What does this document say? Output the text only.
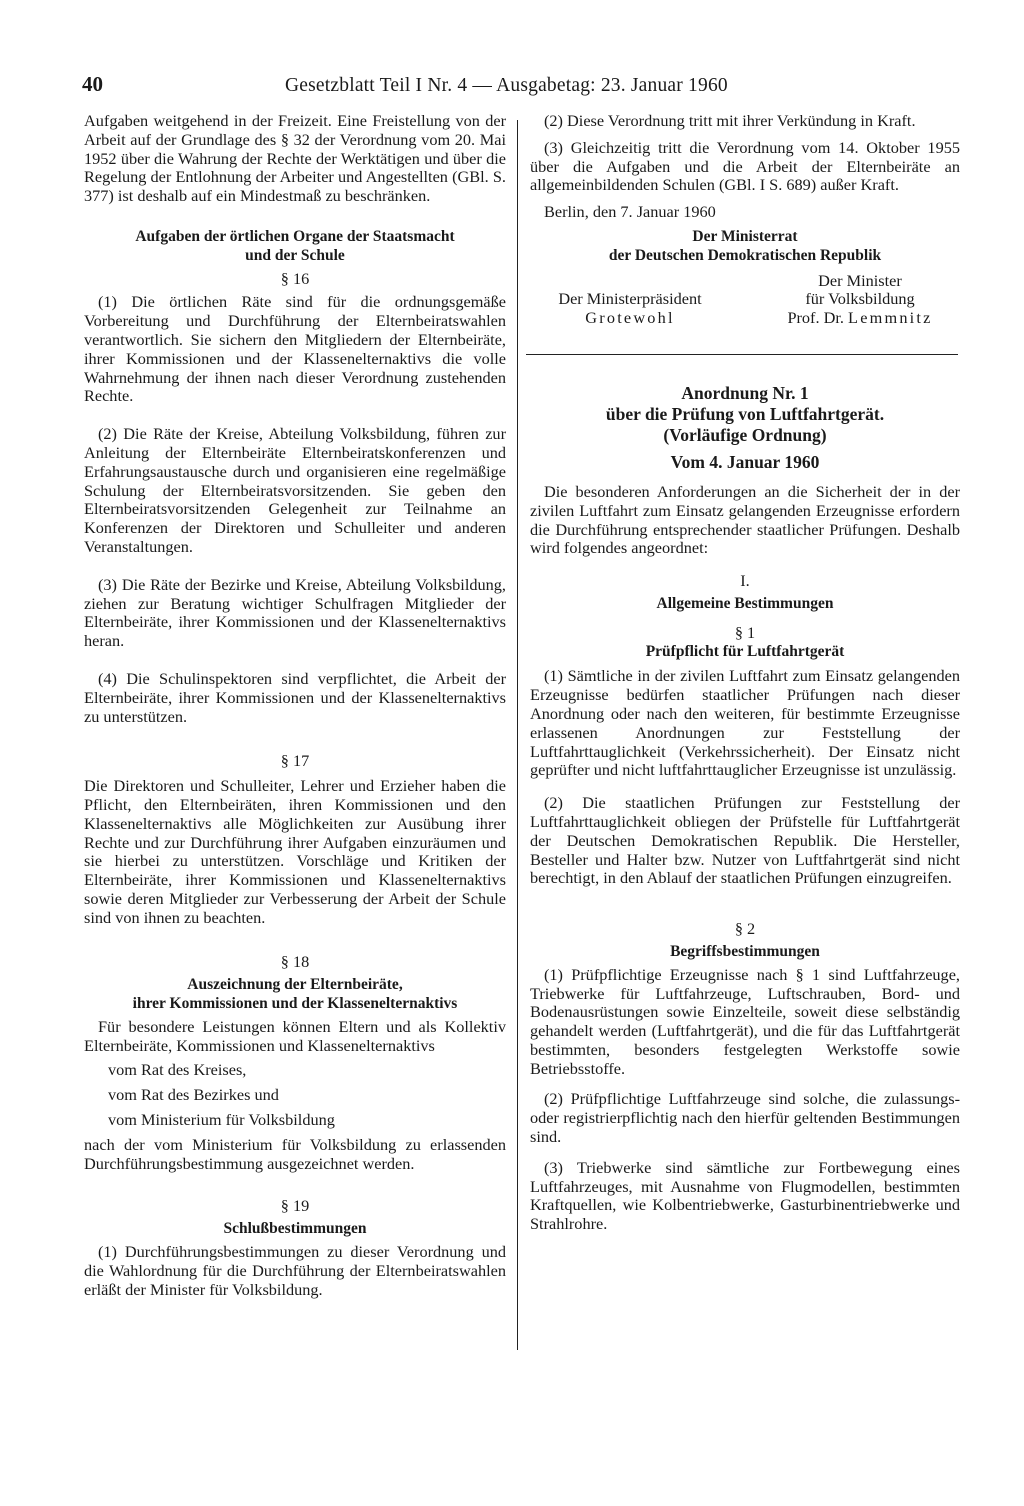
40	Gesetzblatt Teil I Nr. 4 — Ausgabetag: 23. Januar 1960

Aufgaben weitgehend in der Freizeit. Eine Freistellung von der Arbeit auf der Grundlage des § 32 der Verordnung vom 20. Mai 1952 über die Wahrung der Rechte der Werktätigen und über die Regelung der Entlohnung der Arbeiter und Angestellten (GBl. S. 377) ist deshalb auf ein Mindestmaß zu beschränken.

Aufgaben der örtlichen Organe der Staatsmacht
und der Schule
§ 16

(1) Die örtlichen Räte sind für die ordnungsgemäße Vorbereitung und Durchführung der Elternbeiratswahlen verantwortlich. Sie sichern den Mitgliedern der Elternbeiräte, ihrer Kommissionen und der Klassenelternaktivs die volle Wahrnehmung der ihnen nach dieser Verordnung zustehenden Rechte.

(2) Die Räte der Kreise, Abteilung Volksbildung, führen zur Anleitung der Elternbeiräte Elternbeiratskonferenzen und Erfahrungsaustausche durch und organisieren eine regelmäßige Schulung der Elternbeiratsvorsitzenden. Sie geben den Elternbeiratsvorsitzenden Gelegenheit zur Teilnahme an Konferenzen der Direktoren und Schulleiter und anderen Veranstaltungen.

(3) Die Räte der Bezirke und Kreise, Abteilung Volksbildung, ziehen zur Beratung wichtiger Schulfragen Mitglieder der Elternbeiräte, ihrer Kommissionen und der Klassenelternaktivs heran.

(4) Die Schulinspektoren sind verpflichtet, die Arbeit der Elternbeiräte, ihrer Kommissionen und der Klassenelternaktivs zu unterstützen.

§ 17

Die Direktoren und Schulleiter, Lehrer und Erzieher haben die Pflicht, den Elternbeiräten, ihren Kommissionen und den Klassenelternaktivs alle Möglichkeiten zur Ausübung ihrer Rechte und zur Durchführung ihrer Aufgaben einzuräumen und sie hierbei zu unterstützen. Vorschläge und Kritiken der Elternbeiräte, ihrer Kommissionen und Klassenelternaktivs sowie deren Mitglieder zur Verbesserung der Arbeit der Schule sind von ihnen zu beachten.

§ 18
Auszeichnung der Elternbeiräte,
ihrer Kommissionen und der Klassenelternaktivs

Für besondere Leistungen können Eltern und als Kollektiv Elternbeiräte, Kommissionen und Klassenelternaktivs

vom Rat des Kreises,
vom Rat des Bezirkes und
vom Ministerium für Volksbildung

nach der vom Ministerium für Volksbildung zu erlassenden Durchführungsbestimmung ausgezeichnet werden.

§ 19
Schlußbestimmungen

(1) Durchführungsbestimmungen zu dieser Verordnung und die Wahlordnung für die Durchführung der Elternbeiratswahlen erläßt der Minister für Volksbildung.

(2) Diese Verordnung tritt mit ihrer Verkündung in Kraft.

(3) Gleichzeitig tritt die Verordnung vom 14. Oktober 1955 über die Aufgaben und die Arbeit der Elternbeiräte an allgemeinbildenden Schulen (GBl. I S. 689) außer Kraft.

Berlin, den 7. Januar 1960

Der Ministerrat
der Deutschen Demokratischen Republik

Der Ministerpräsident
Grotewohl
Der Minister
für Volksbildung
Prof. Dr. Lemmnitz
Anordnung Nr. 1
über die Prüfung von Luftfahrtgerät.
(Vorläufige Ordnung)
Vom 4. Januar 1960

Die besonderen Anforderungen an die Sicherheit der in der zivilen Luftfahrt zum Einsatz gelangenden Erzeugnisse erfordern die Durchführung entsprechender staatlicher Prüfungen. Deshalb wird folgendes angeordnet:

I.
Allgemeine Bestimmungen
§ 1
Prüfpflicht für Luftfahrtgerät

(1) Sämtliche in der zivilen Luftfahrt zum Einsatz gelangenden Erzeugnisse bedürfen staatlicher Prüfungen nach dieser Anordnung oder nach den weiteren, für bestimmte Erzeugnisse erlassenen Anordnungen zur Feststellung der Luftfahrttauglichkeit (Verkehrssicherheit). Der Einsatz nicht geprüfter und nicht luftfahrttauglicher Erzeugnisse ist unzulässig.

(2) Die staatlichen Prüfungen zur Feststellung der Luftfahrttauglichkeit obliegen der Prüfstelle für Luftfahrtgerät der Deutschen Demokratischen Republik. Die Hersteller, Besteller und Halter bzw. Nutzer von Luftfahrtgerät sind nicht berechtigt, in den Ablauf der staatlichen Prüfungen einzugreifen.

§ 2
Begriffsbestimmungen

(1) Prüfpflichtige Erzeugnisse nach § 1 sind Luftfahrzeuge, Triebwerke für Luftfahrzeuge, Luftschrauben, Bord- und Bodenausrüstungen sowie Einzelteile, soweit diese selbständig gehandelt werden (Luftfahrtgerät), und die für das Luftfahrtgerät bestimmten, besonders festgelegten Werkstoffe sowie Betriebsstoffe.

(2) Prüfpflichtige Luftfahrzeuge sind solche, die zulassungs- oder registrierpflichtig nach den hierfür geltenden Bestimmungen sind.

(3) Triebwerke sind sämtliche zur Fortbewegung eines Luftfahrzeuges, mit Ausnahme von Flugmodellen, bestimmten Kraftquellen, wie Kolbentriebwerke, Gasturbinentriebwerke und Strahlrohre.
